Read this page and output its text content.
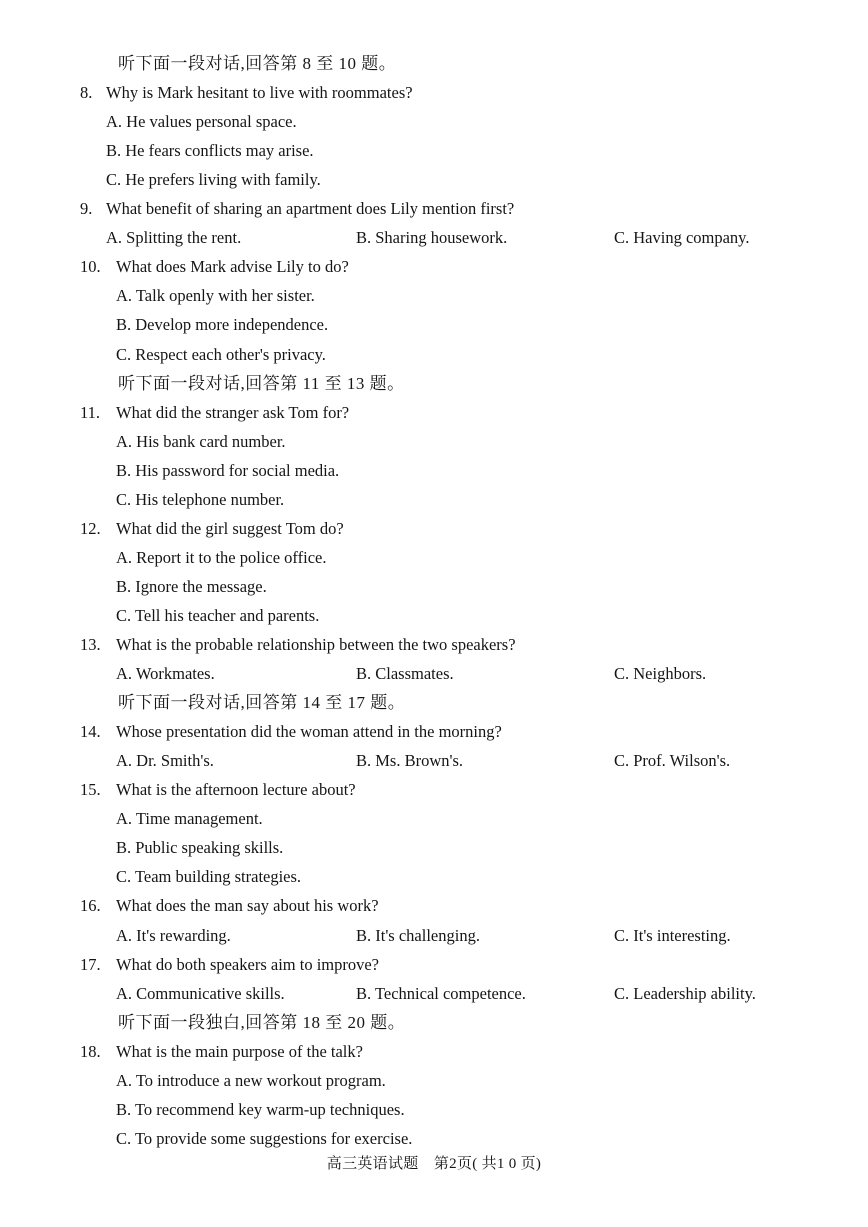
听下面一段对话,回答第 8 至 10 题。
8. Why is Mark hesitant to live with roommates?
A. He values personal space.
B. He fears conflicts may arise.
C. He prefers living with family.
9. What benefit of sharing an apartment does Lily mention first?
A. Splitting the rent.	B. Sharing housework.	C. Having company.
10. What does Mark advise Lily to do?
A. Talk openly with her sister.
B. Develop more independence.
C. Respect each other's privacy.
听下面一段对话,回答第 11 至 13 题。
11. What did the stranger ask Tom for?
A. His bank card number.
B. His password for social media.
C. His telephone number.
12. What did the girl suggest Tom do?
A. Report it to the police office.
B. Ignore the message.
C. Tell his teacher and parents.
13. What is the probable relationship between the two speakers?
A. Workmates.	B. Classmates.	C. Neighbors.
听下面一段对话,回答第 14 至 17 题。
14. Whose presentation did the woman attend in the morning?
A. Dr. Smith's.	B. Ms. Brown's.	C. Prof. Wilson's.
15. What is the afternoon lecture about?
A. Time management.
B. Public speaking skills.
C. Team building strategies.
16. What does the man say about his work?
A. It's rewarding.	B. It's challenging.	C. It's interesting.
17. What do both speakers aim to improve?
A. Communicative skills.	B. Technical competence.	C. Leadership ability.
听下面一段独白,回答第 18 至 20 题。
18. What is the main purpose of the talk?
A. To introduce a new workout program.
B. To recommend key warm-up techniques.
C. To provide some suggestions for exercise.
高三英语试题　第2页( 共1 0 页)
